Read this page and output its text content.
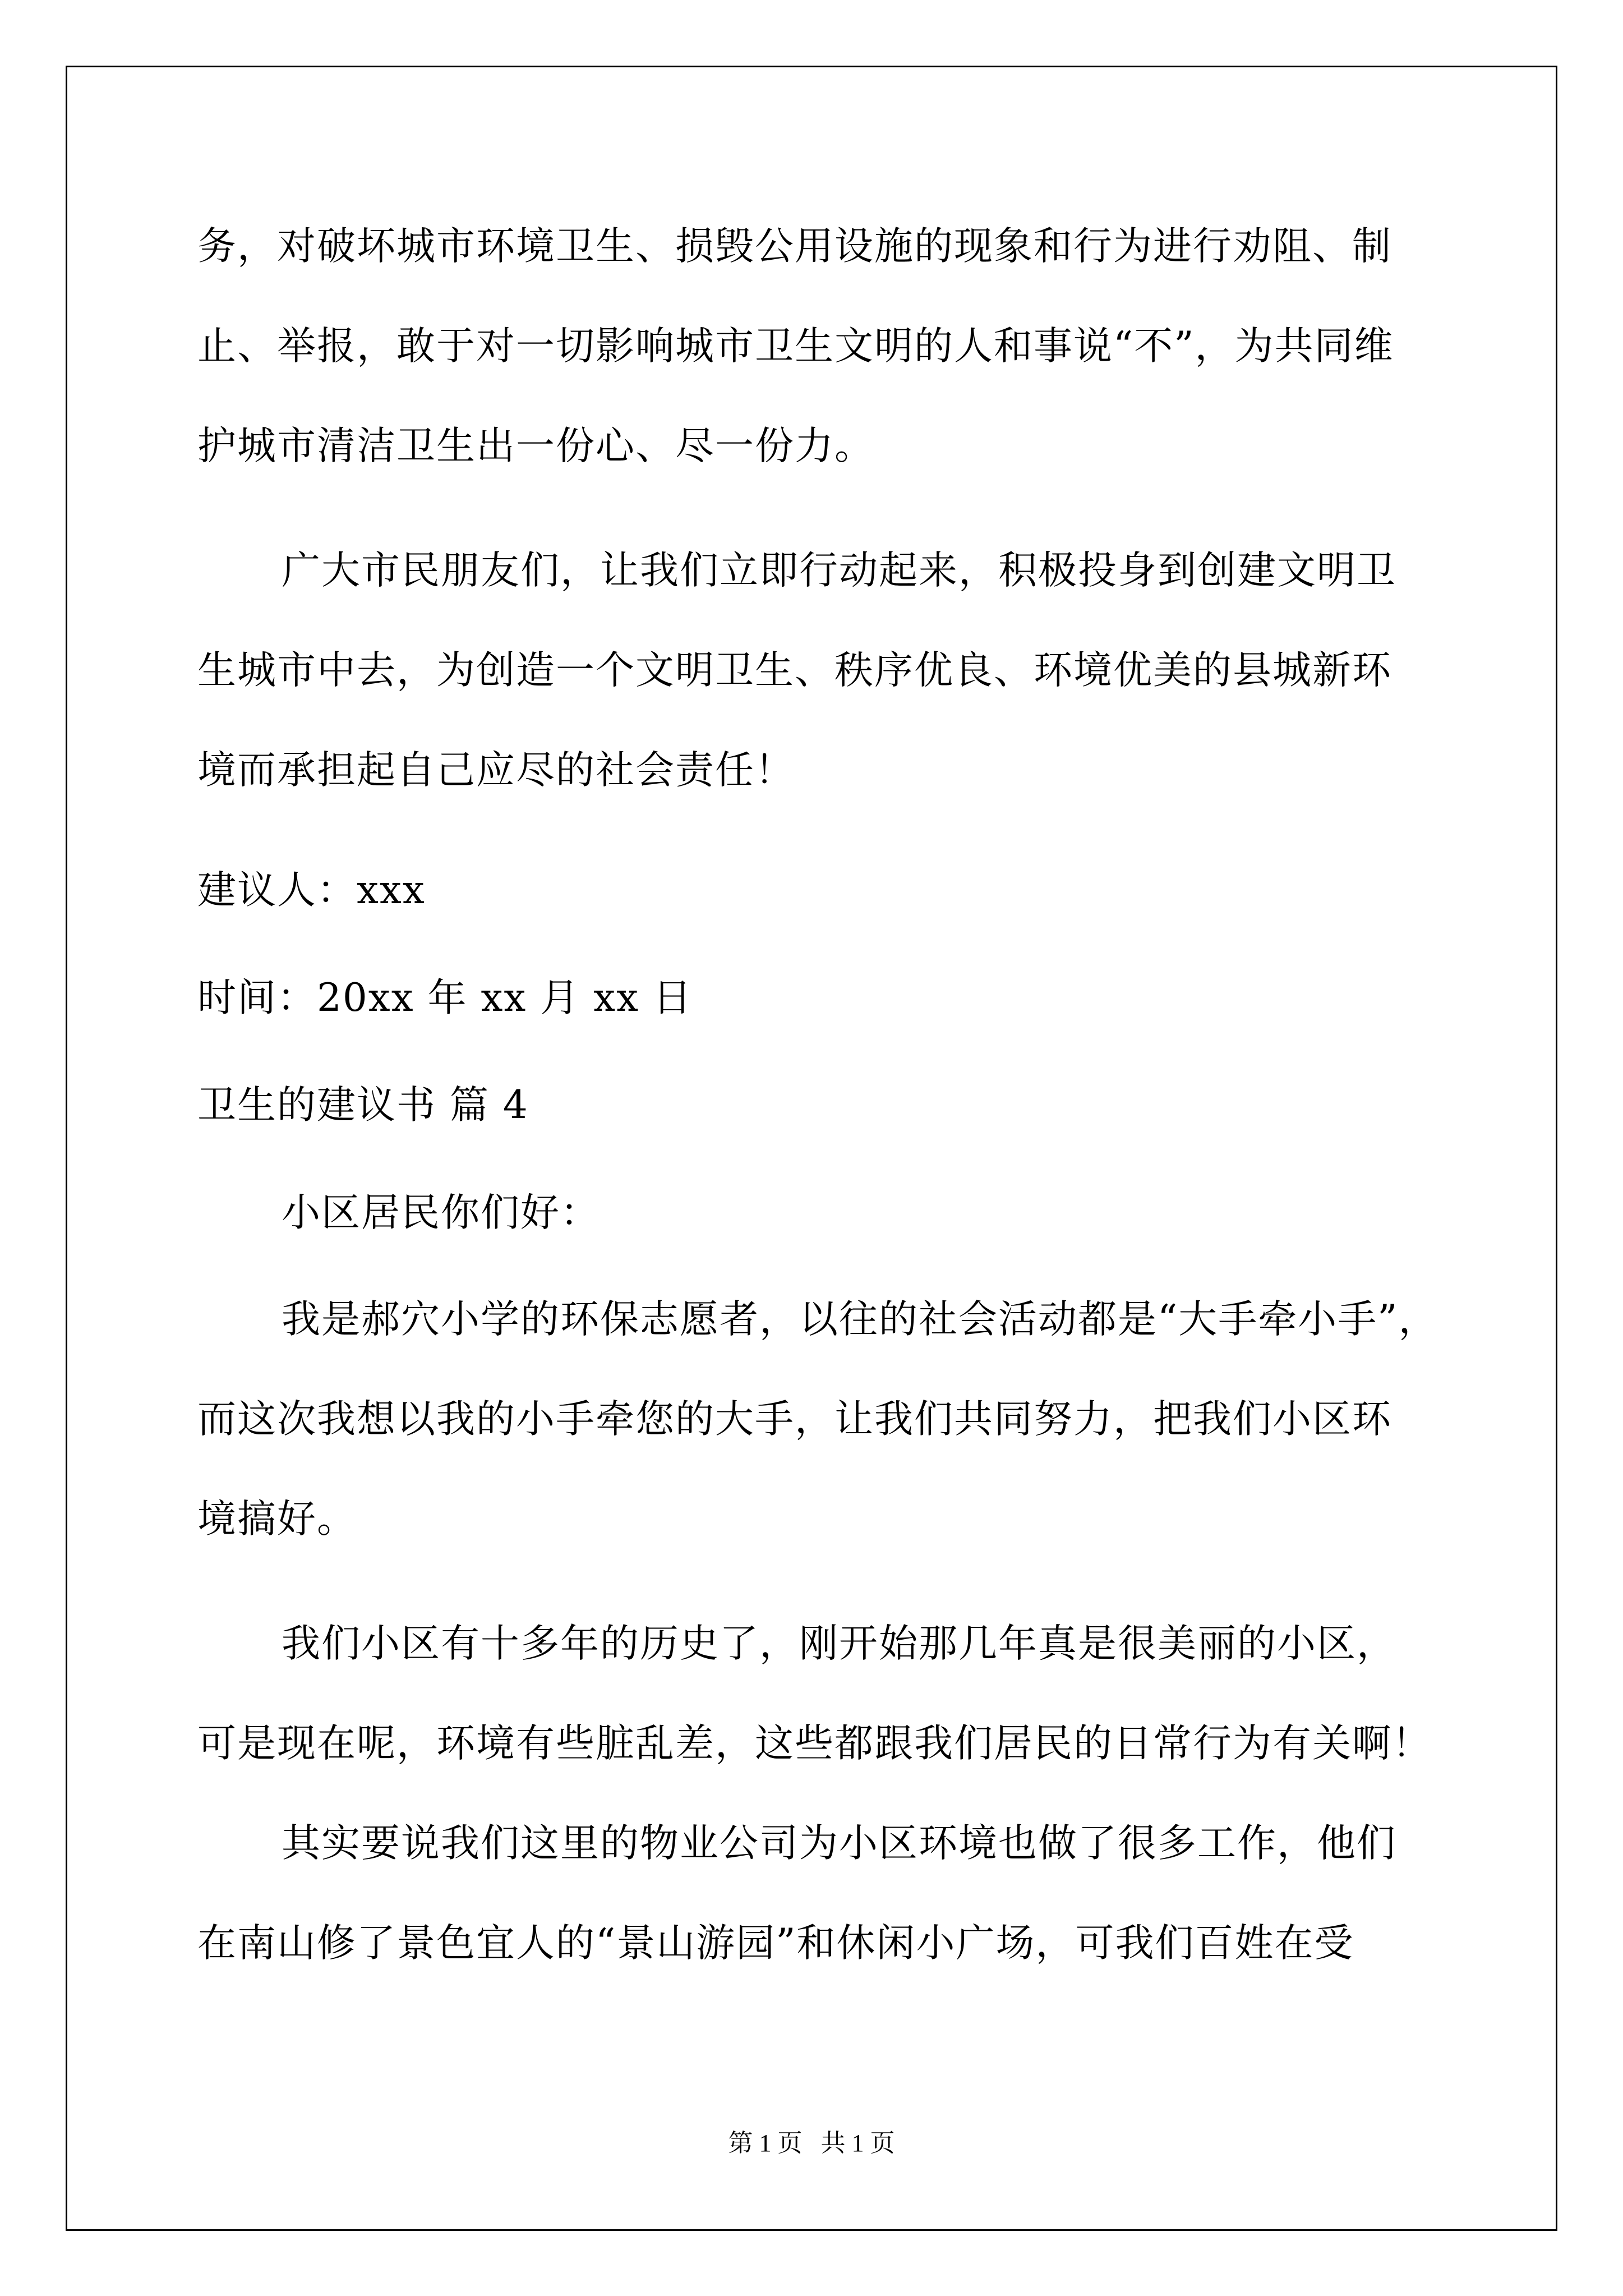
务，对破坏城市环境卫生、损毁公用设施的现象和行为进行劝阻、制
止、举报，敢于对一切影响城市卫生文明的人和事说“不”，为共同维
护城市清洁卫生出一份心、尽一份力。
广大市民朋友们，让我们立即行动起来，积极投身到创建文明卫
生城市中去，为创造一个文明卫生、秩序优良、环境优美的县城新环
境而承担起自己应尽的社会责任！
建议人：xxx
时间：20xx 年 xx 月 xx 日
卫生的建议书 篇 4
小区居民你们好：
我是郝穴小学的环保志愿者，以往的社会活动都是“大手牵小手”，
而这次我想以我的小手牵您的大手，让我们共同努力，把我们小区环
境搞好。
我们小区有十多年的历史了，刚开始那几年真是很美丽的小区，
可是现在呢，环境有些脏乱差，这些都跟我们居民的日常行为有关啊！
其实要说我们这里的物业公司为小区环境也做了很多工作，他们
在南山修了景色宜人的“景山游园”和休闲小广场，可我们百姓在受
第 1 页   共 1 页
